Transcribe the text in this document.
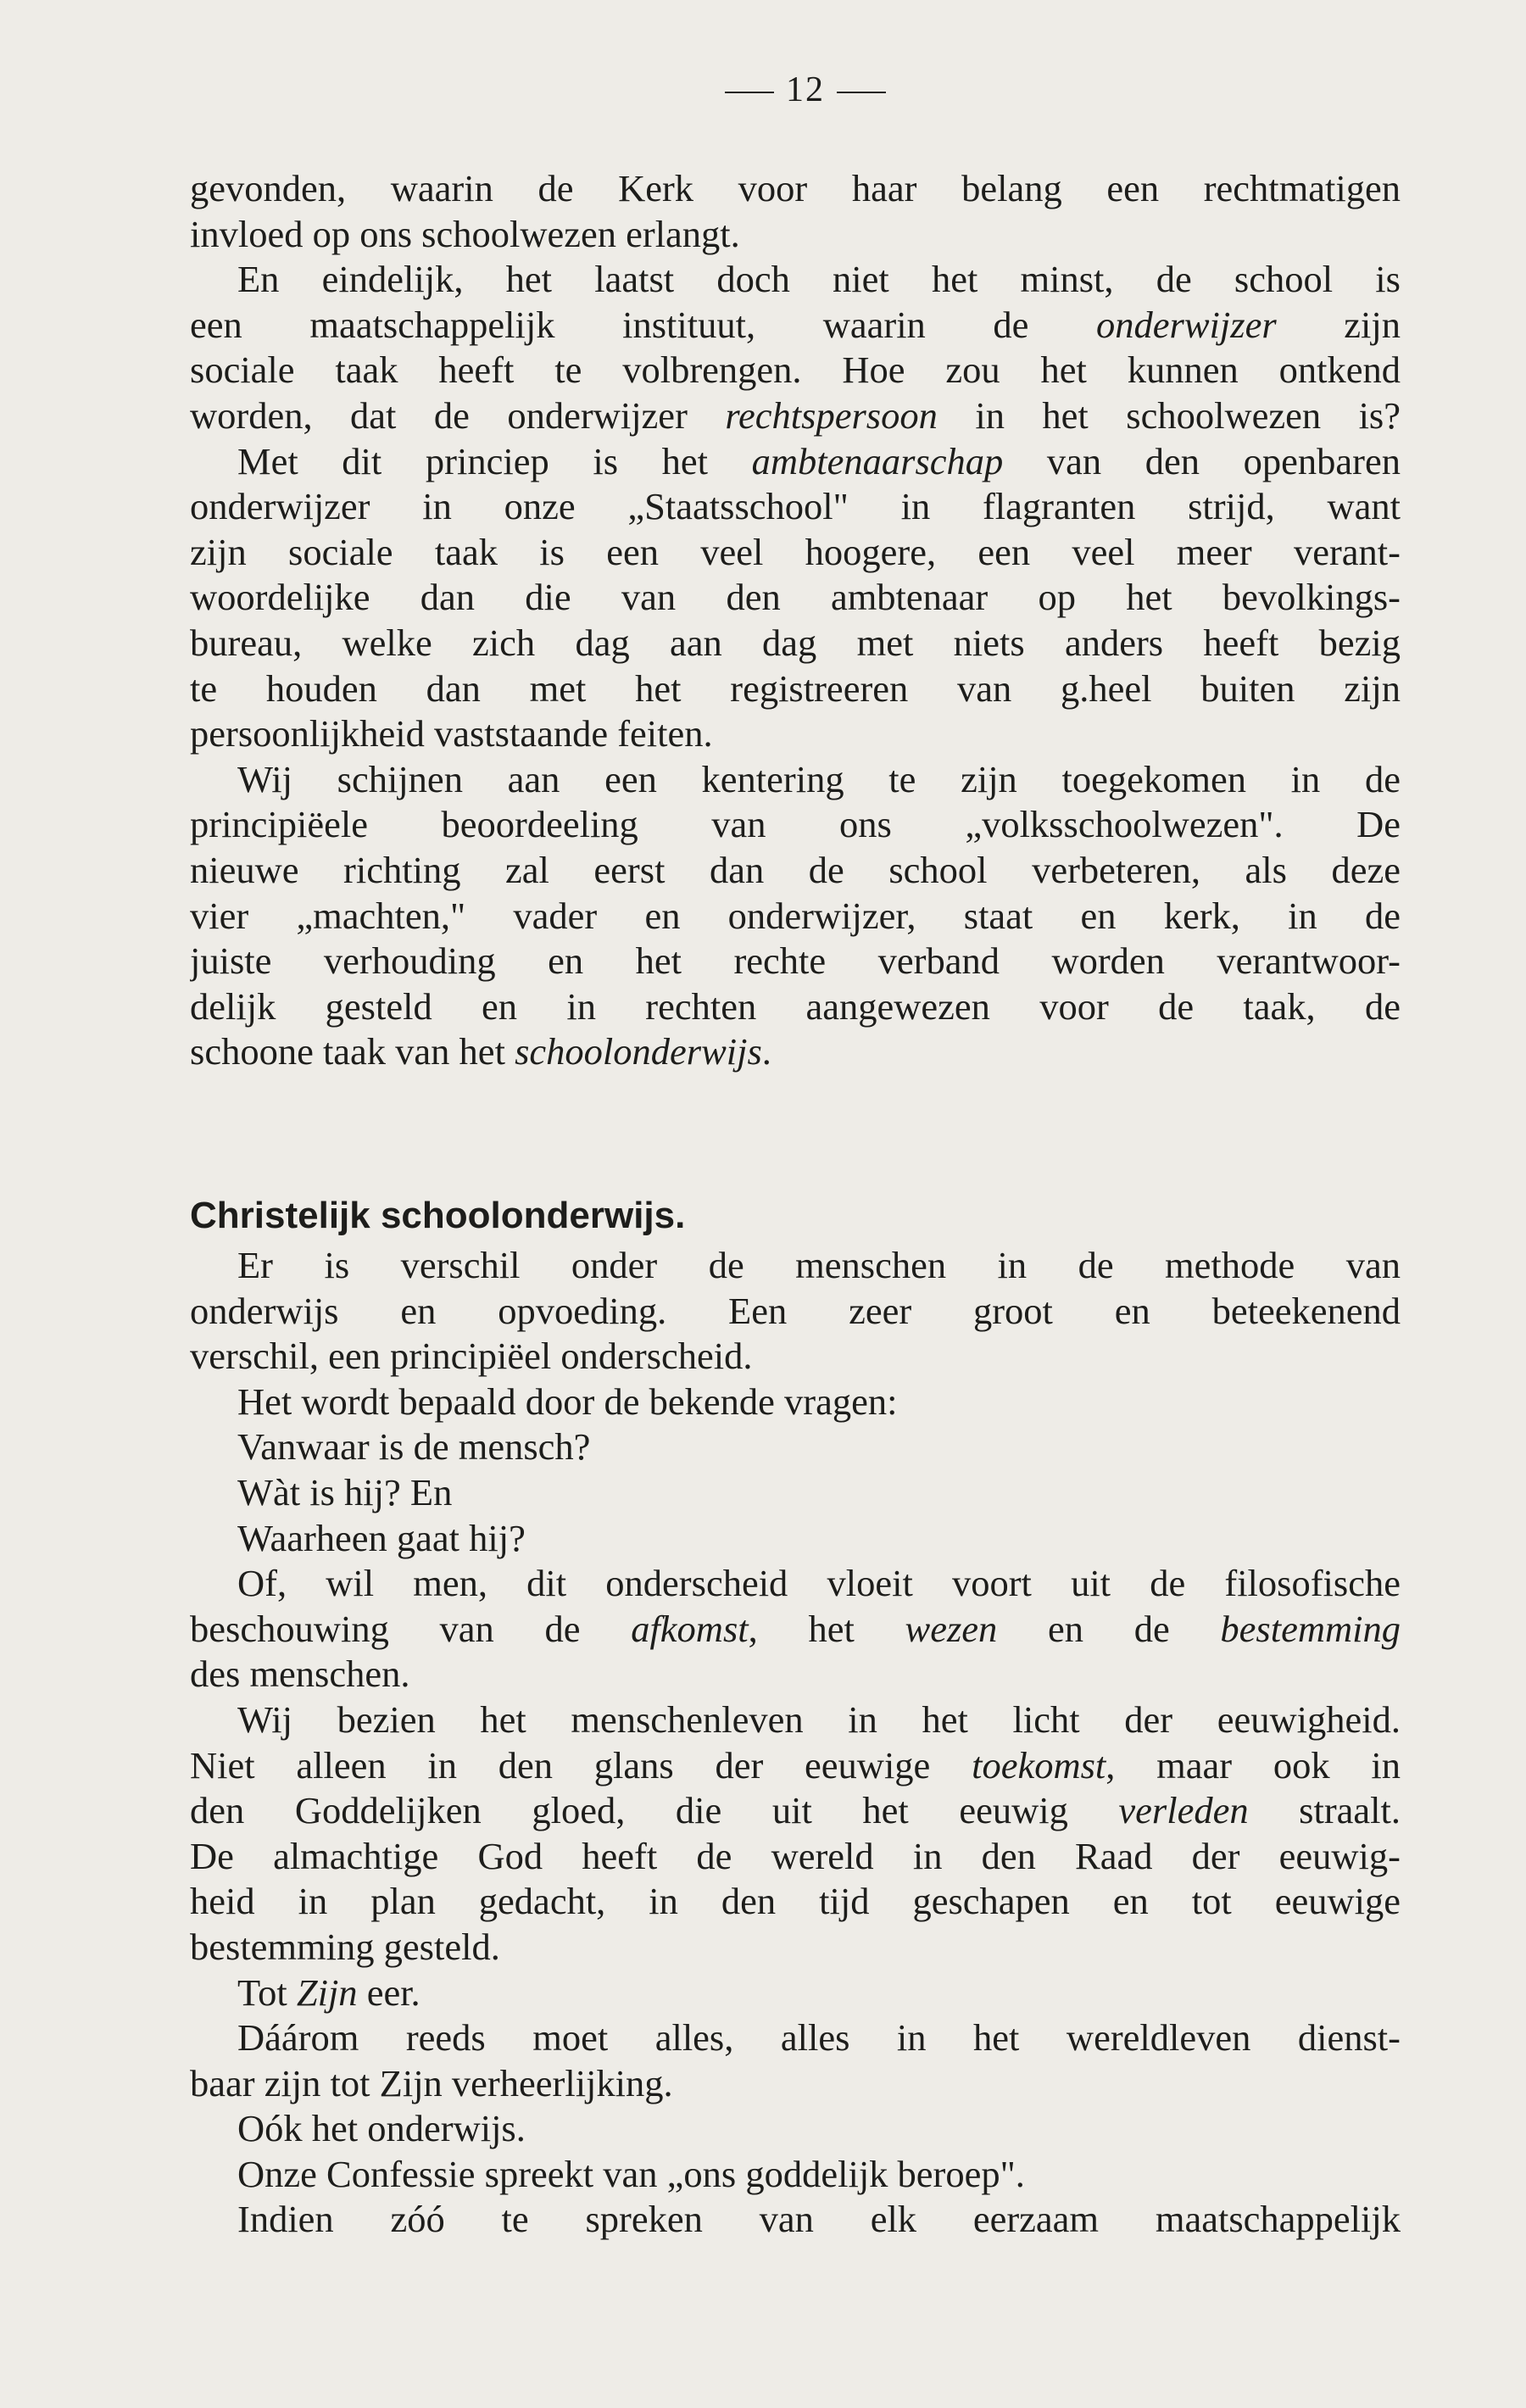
12
gevonden, waarin de Kerk voor haar belang een rechtmatigen
invloed op ons schoolwezen erlangt.
En eindelijk, het laatst doch niet het minst, de school is
een maatschappelijk instituut, waarin de onderwijzer zijn
sociale taak heeft te volbrengen. Hoe zou het kunnen ontkend
worden, dat de onderwijzer rechtspersoon in het schoolwezen is?
Met dit princiep is het ambtenaarschap van den openbaren
onderwijzer in onze „Staatsschool" in flagranten strijd, want
zijn sociale taak is een veel hoogere, een veel meer verant-
woordelijke dan die van den ambtenaar op het bevolkings-
bureau, welke zich dag aan dag met niets anders heeft bezig
te houden dan met het registreeren van g.heel buiten zijn
persoonlijkheid vaststaande feiten.
Wij schijnen aan een kentering te zijn toegekomen in de
principiëele beoordeeling van ons „volksschoolwezen". De
nieuwe richting zal eerst dan de school verbeteren, als deze
vier „machten," vader en onderwijzer, staat en kerk, in de
juiste verhouding en het rechte verband worden verantwoor-
delijk gesteld en in rechten aangewezen voor de taak, de
schoone taak van het schoolonderwijs.
Christelijk schoolonderwijs.
Er is verschil onder de menschen in de methode van
onderwijs en opvoeding. Een zeer groot en beteekenend
verschil, een principiëel onderscheid.
Het wordt bepaald door de bekende vragen:
Vanwaar is de mensch?
Wàt is hij? En
Waarheen gaat hij?
Of, wil men, dit onderscheid vloeit voort uit de filosofische
beschouwing van de afkomst, het wezen en de bestemming
des menschen.
Wij bezien het menschenleven in het licht der eeuwigheid.
Niet alleen in den glans der eeuwige toekomst, maar ook in
den Goddelijken gloed, die uit het eeuwig verleden straalt.
De almachtige God heeft de wereld in den Raad der eeuwig-
heid in plan gedacht, in den tijd geschapen en tot eeuwige
bestemming gesteld.
Tot Zijn eer.
Dáárom reeds moet alles, alles in het wereldleven dienst-
baar zijn tot Zijn verheerlijking.
Oók het onderwijs.
Onze Confessie spreekt van „ons goddelijk beroep".
Indien zóó te spreken van elk eerzaam maatschappelijk
